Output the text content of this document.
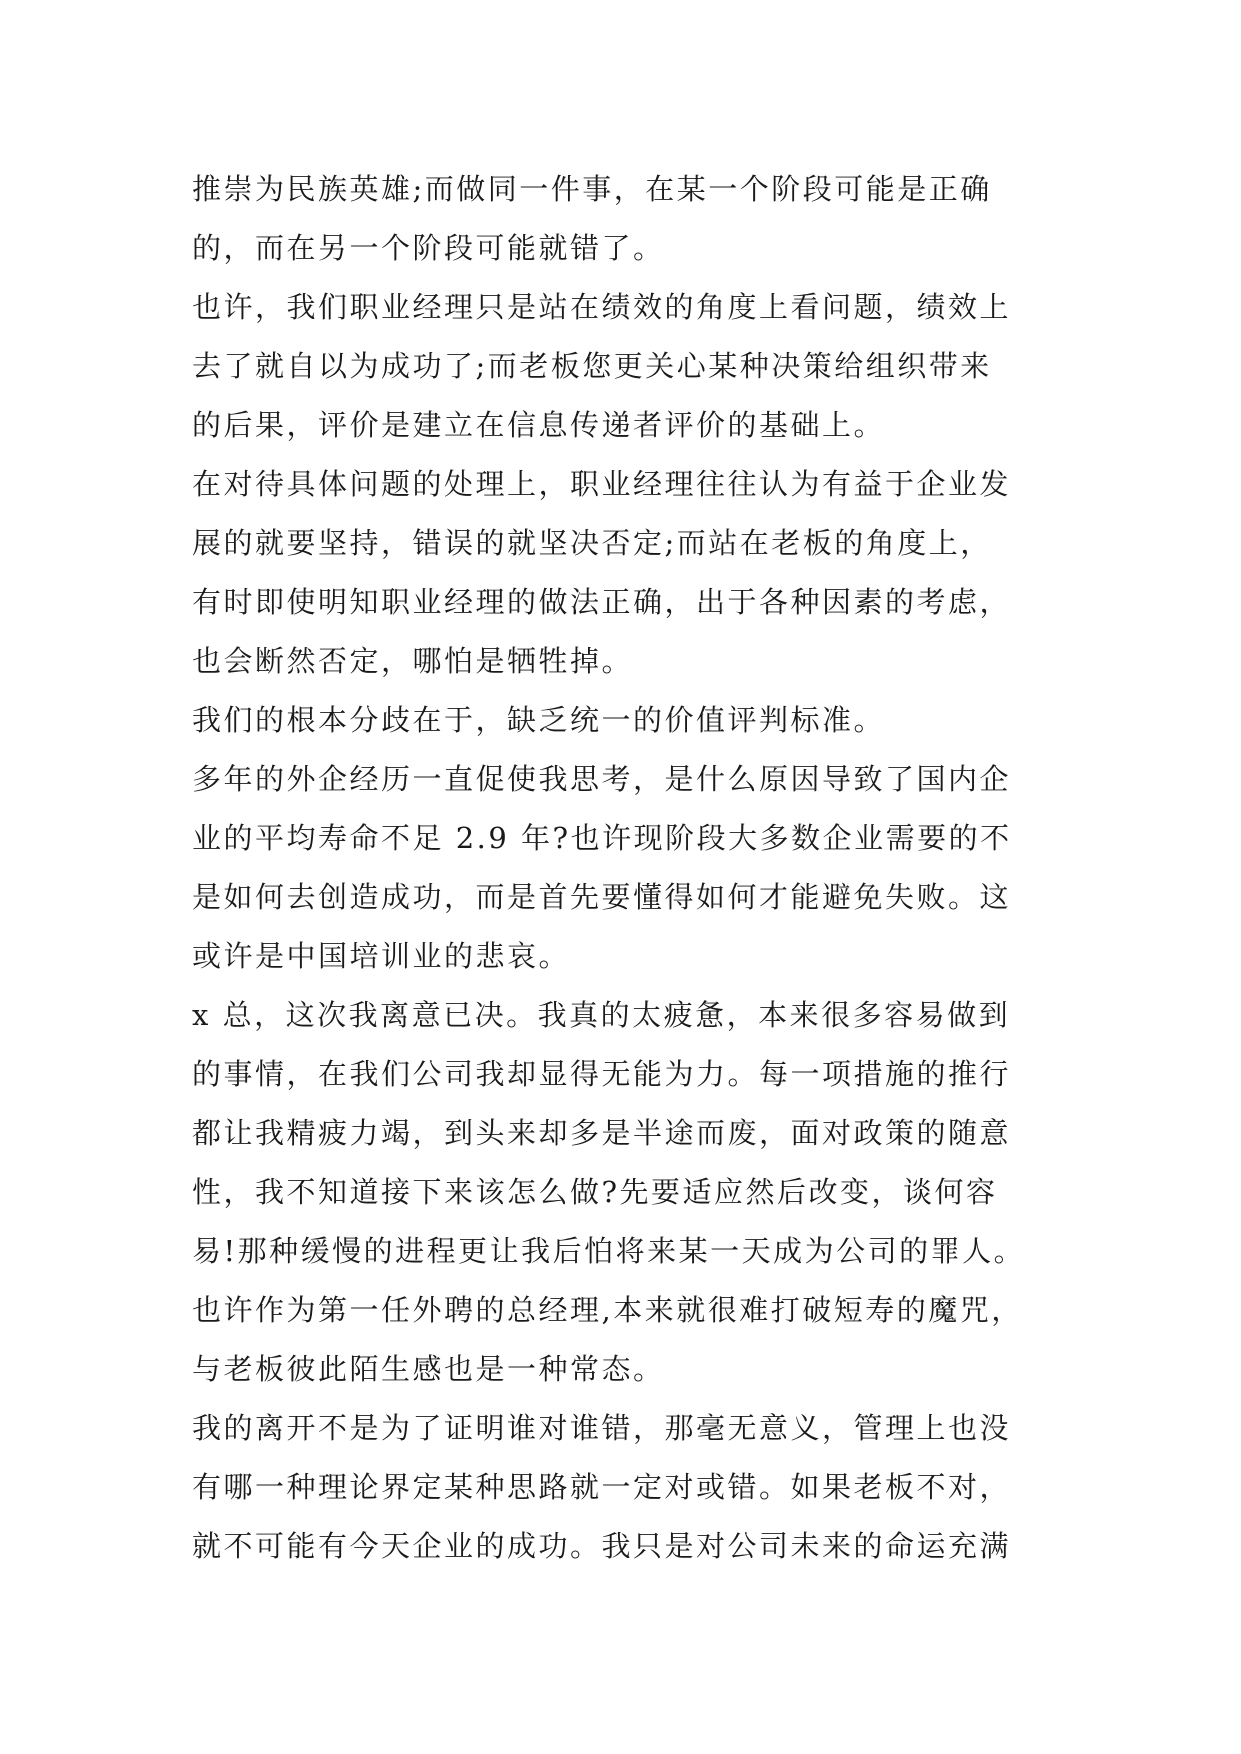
推崇为民族英雄;而做同一件事，在某一个阶段可能是正确
的，而在另一个阶段可能就错了。
也许，我们职业经理只是站在绩效的角度上看问题，绩效上
去了就自以为成功了;而老板您更关心某种决策给组织带来
的后果，评价是建立在信息传递者评价的基础上。
在对待具体问题的处理上，职业经理往往认为有益于企业发
展的就要坚持，错误的就坚决否定;而站在老板的角度上，
有时即使明知职业经理的做法正确，出于各种因素的考虑，
也会断然否定，哪怕是牺牲掉。
我们的根本分歧在于，缺乏统一的价值评判标准。
多年的外企经历一直促使我思考，是什么原因导致了国内企
业的平均寿命不足 2.9 年?也许现阶段大多数企业需要的不
是如何去创造成功，而是首先要懂得如何才能避免失败。这
或许是中国培训业的悲哀。
x 总，这次我离意已决。我真的太疲惫，本来很多容易做到
的事情，在我们公司我却显得无能为力。每一项措施的推行
都让我精疲力竭，到头来却多是半途而废，面对政策的随意
性，我不知道接下来该怎么做?先要适应然后改变，谈何容
易!那种缓慢的进程更让我后怕将来某一天成为公司的罪人。
也许作为第一任外聘的总经理,本来就很难打破短寿的魔咒，
与老板彼此陌生感也是一种常态。
我的离开不是为了证明谁对谁错，那毫无意义，管理上也没
有哪一种理论界定某种思路就一定对或错。如果老板不对，
就不可能有今天企业的成功。我只是对公司未来的命运充满
